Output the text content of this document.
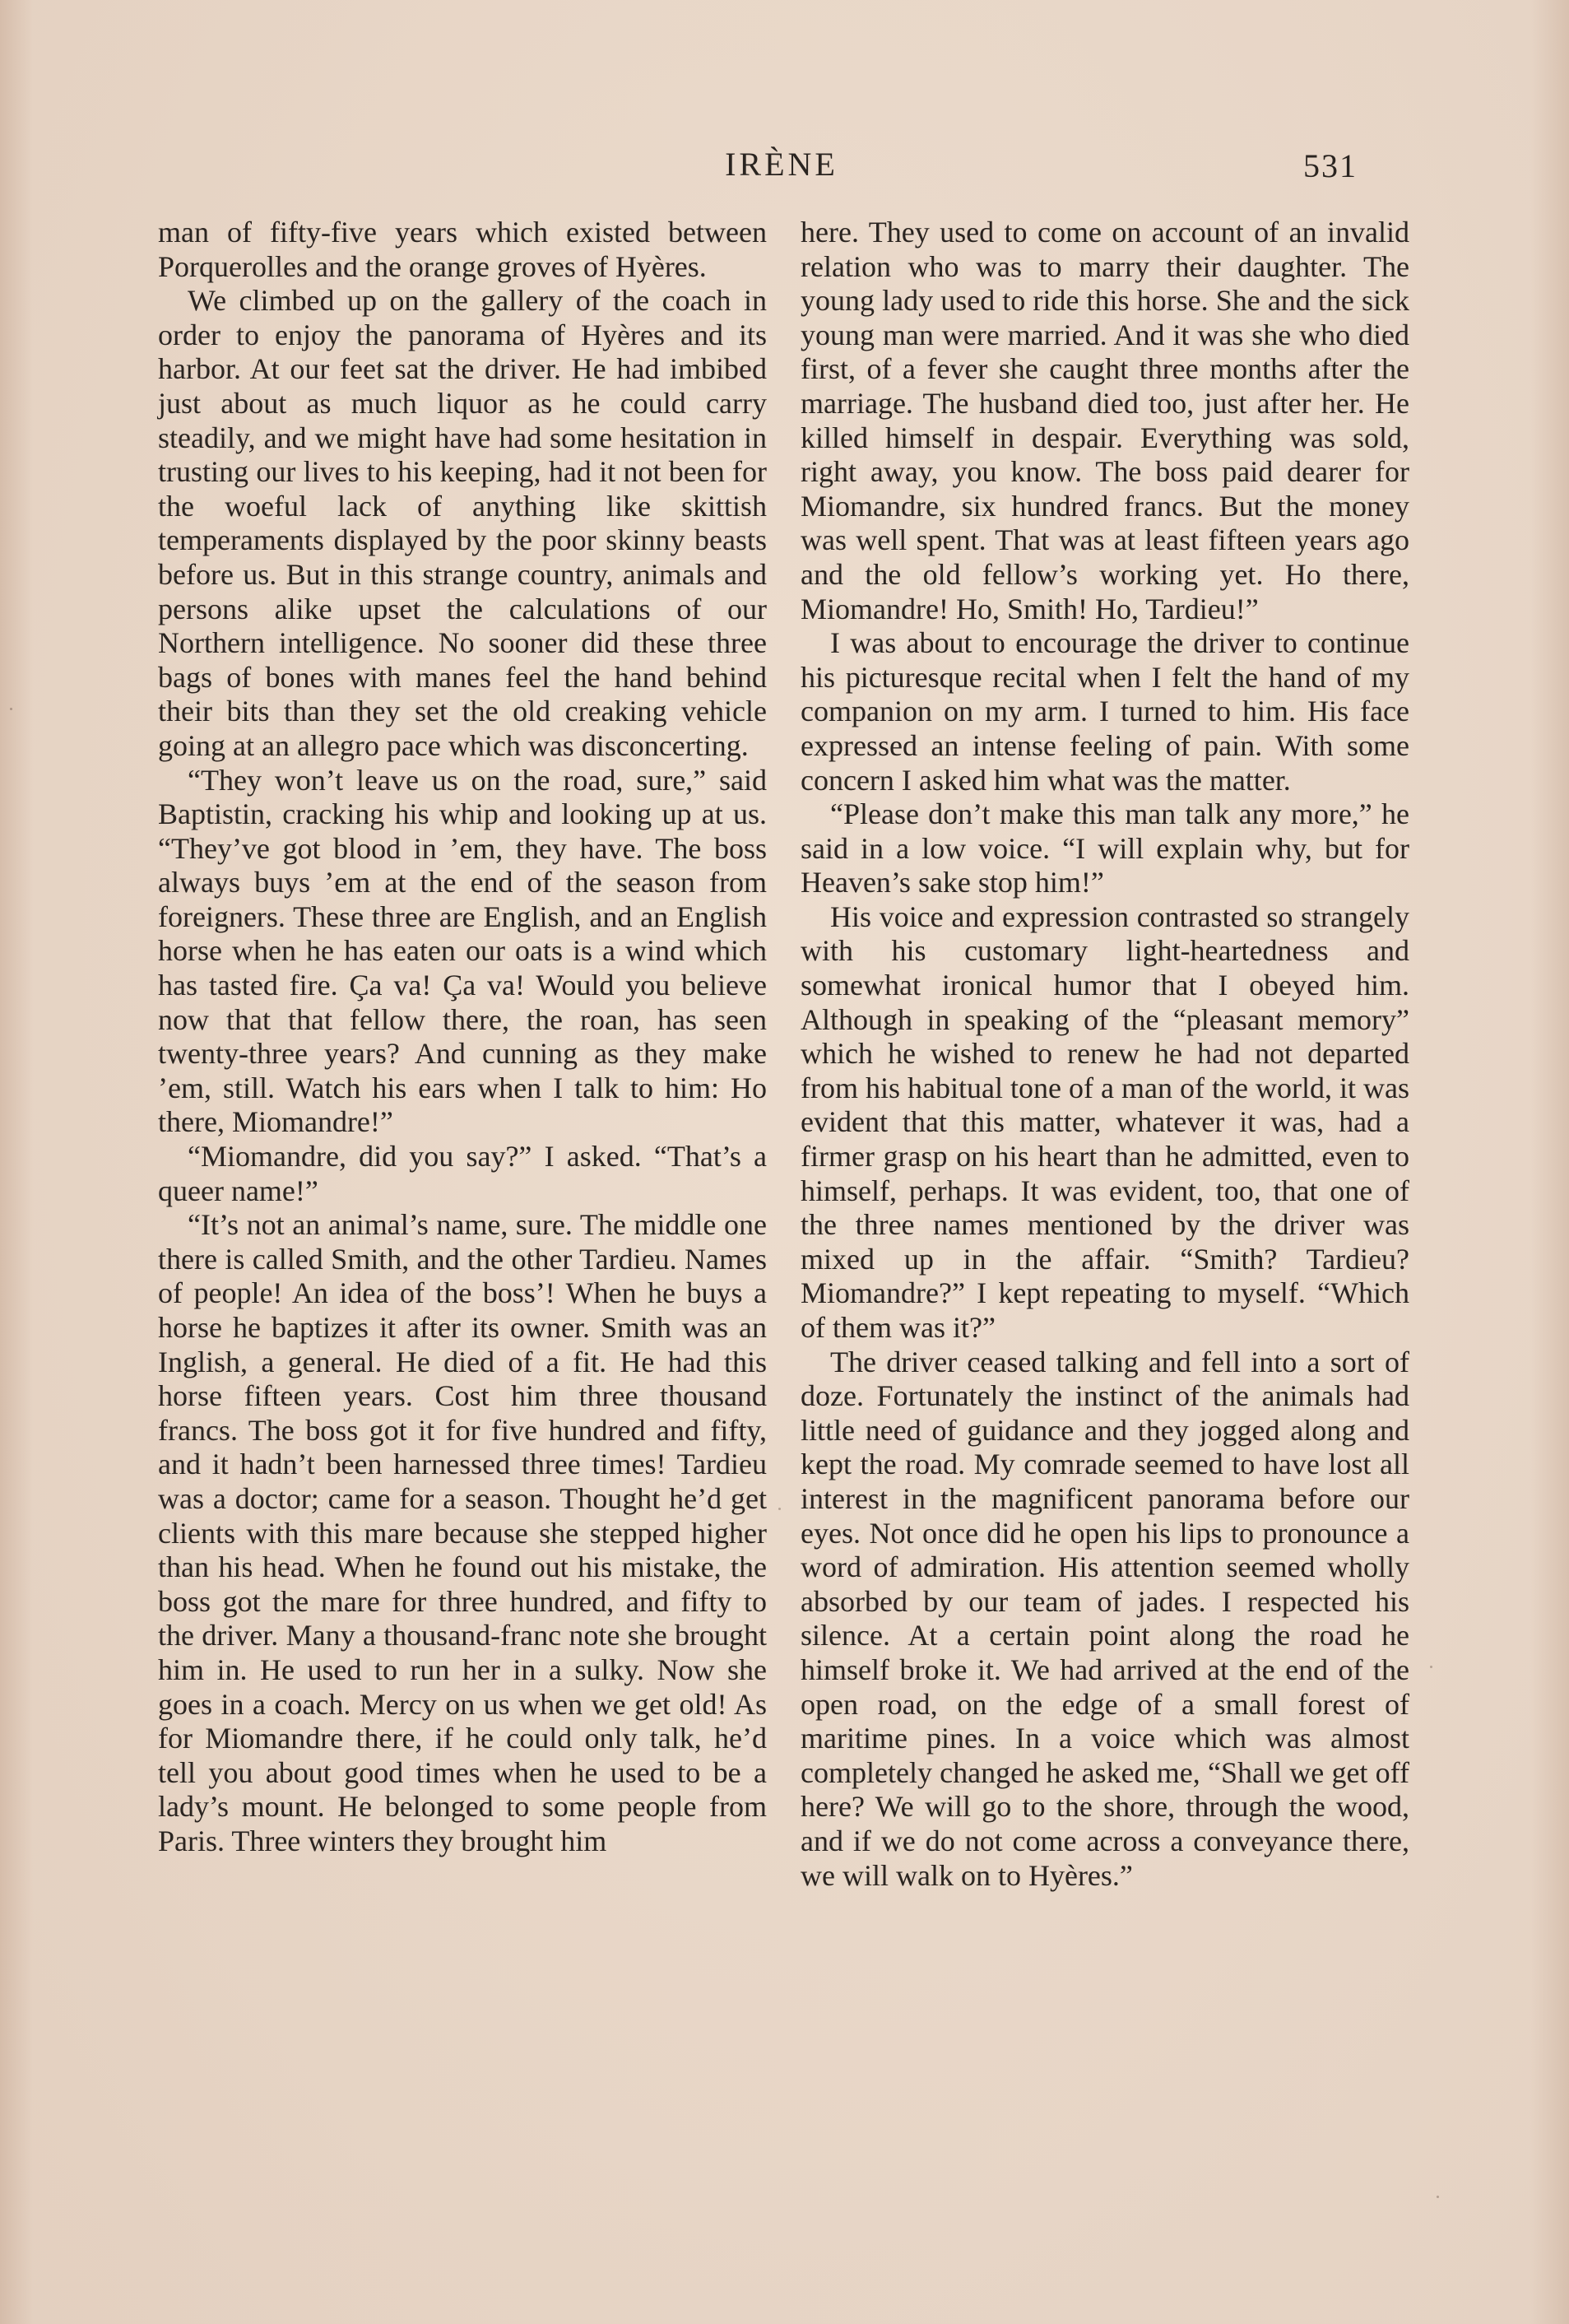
IRÈNE	531

man of fifty-five years which existed between Porquerolles and the orange groves of Hyères.

We climbed up on the gallery of the coach in order to enjoy the panorama of Hyères and its harbor. At our feet sat the driver. He had imbibed just about as much liquor as he could carry steadily, and we might have had some hesitation in trusting our lives to his keeping, had it not been for the woeful lack of anything like skittish temperaments displayed by the poor skinny beasts before us. But in this strange country, animals and persons alike upset the calculations of our Northern intelligence. No sooner did these three bags of bones with manes feel the hand behind their bits than they set the old creaking vehicle going at an allegro pace which was disconcerting.

“They won’t leave us on the road, sure,” said Baptistin, cracking his whip and looking up at us. “They’ve got blood in ’em, they have. The boss always buys ’em at the end of the season from foreigners. These three are English, and an English horse when he has eaten our oats is a wind which has tasted fire. Ça va! Ça va! Would you believe now that that fellow there, the roan, has seen twenty-three years? And cunning as they make ’em, still. Watch his ears when I talk to him: Ho there, Miomandre!”

“Miomandre, did you say?” I asked. “That’s a queer name!”

“It’s not an animal’s name, sure. The middle one there is called Smith, and the other Tardieu. Names of people! An idea of the boss’! When he buys a horse he baptizes it after its owner. Smith was an Inglish, a general. He died of a fit. He had this horse fifteen years. Cost him three thousand francs. The boss got it for five hundred and fifty, and it hadn’t been harnessed three times! Tardieu was a doctor; came for a season. Thought he’d get clients with this mare because she stepped higher than his head. When he found out his mistake, the boss got the mare for three hundred, and fifty to the driver. Many a thousand-franc note she brought him in. He used to run her in a sulky. Now she goes in a coach. Mercy on us when we get old! As for Miomandre there, if he could only talk, he’d tell you about good times when he used to be a lady’s mount. He belonged to some people from Paris. Three winters they brought him

here. They used to come on account of an invalid relation who was to marry their daughter. The young lady used to ride this horse. She and the sick young man were married. And it was she who died first, of a fever she caught three months after the marriage. The husband died too, just after her. He killed himself in despair. Everything was sold, right away, you know. The boss paid dearer for Miomandre, six hundred francs. But the money was well spent. That was at least fifteen years ago and the old fellow’s working yet. Ho there, Miomandre! Ho, Smith! Ho, Tardieu!”

I was about to encourage the driver to continue his picturesque recital when I felt the hand of my companion on my arm. I turned to him. His face expressed an intense feeling of pain. With some concern I asked him what was the matter.

“Please don’t make this man talk any more,” he said in a low voice. “I will explain why, but for Heaven’s sake stop him!”

His voice and expression contrasted so strangely with his customary light-heartedness and somewhat ironical humor that I obeyed him. Although in speaking of the “pleasant memory” which he wished to renew he had not departed from his habitual tone of a man of the world, it was evident that this matter, whatever it was, had a firmer grasp on his heart than he admitted, even to himself, perhaps. It was evident, too, that one of the three names mentioned by the driver was mixed up in the affair. “Smith? Tardieu? Miomandre?” I kept repeating to myself. “Which of them was it?”

The driver ceased talking and fell into a sort of doze. Fortunately the instinct of the animals had little need of guidance and they jogged along and kept the road. My comrade seemed to have lost all interest in the magnificent panorama before our eyes. Not once did he open his lips to pronounce a word of admiration. His attention seemed wholly absorbed by our team of jades. I respected his silence. At a certain point along the road he himself broke it. We had arrived at the end of the open road, on the edge of a small forest of maritime pines. In a voice which was almost completely changed he asked me, “Shall we get off here? We will go to the shore, through the wood, and if we do not come across a conveyance there, we will walk on to Hyères.”
